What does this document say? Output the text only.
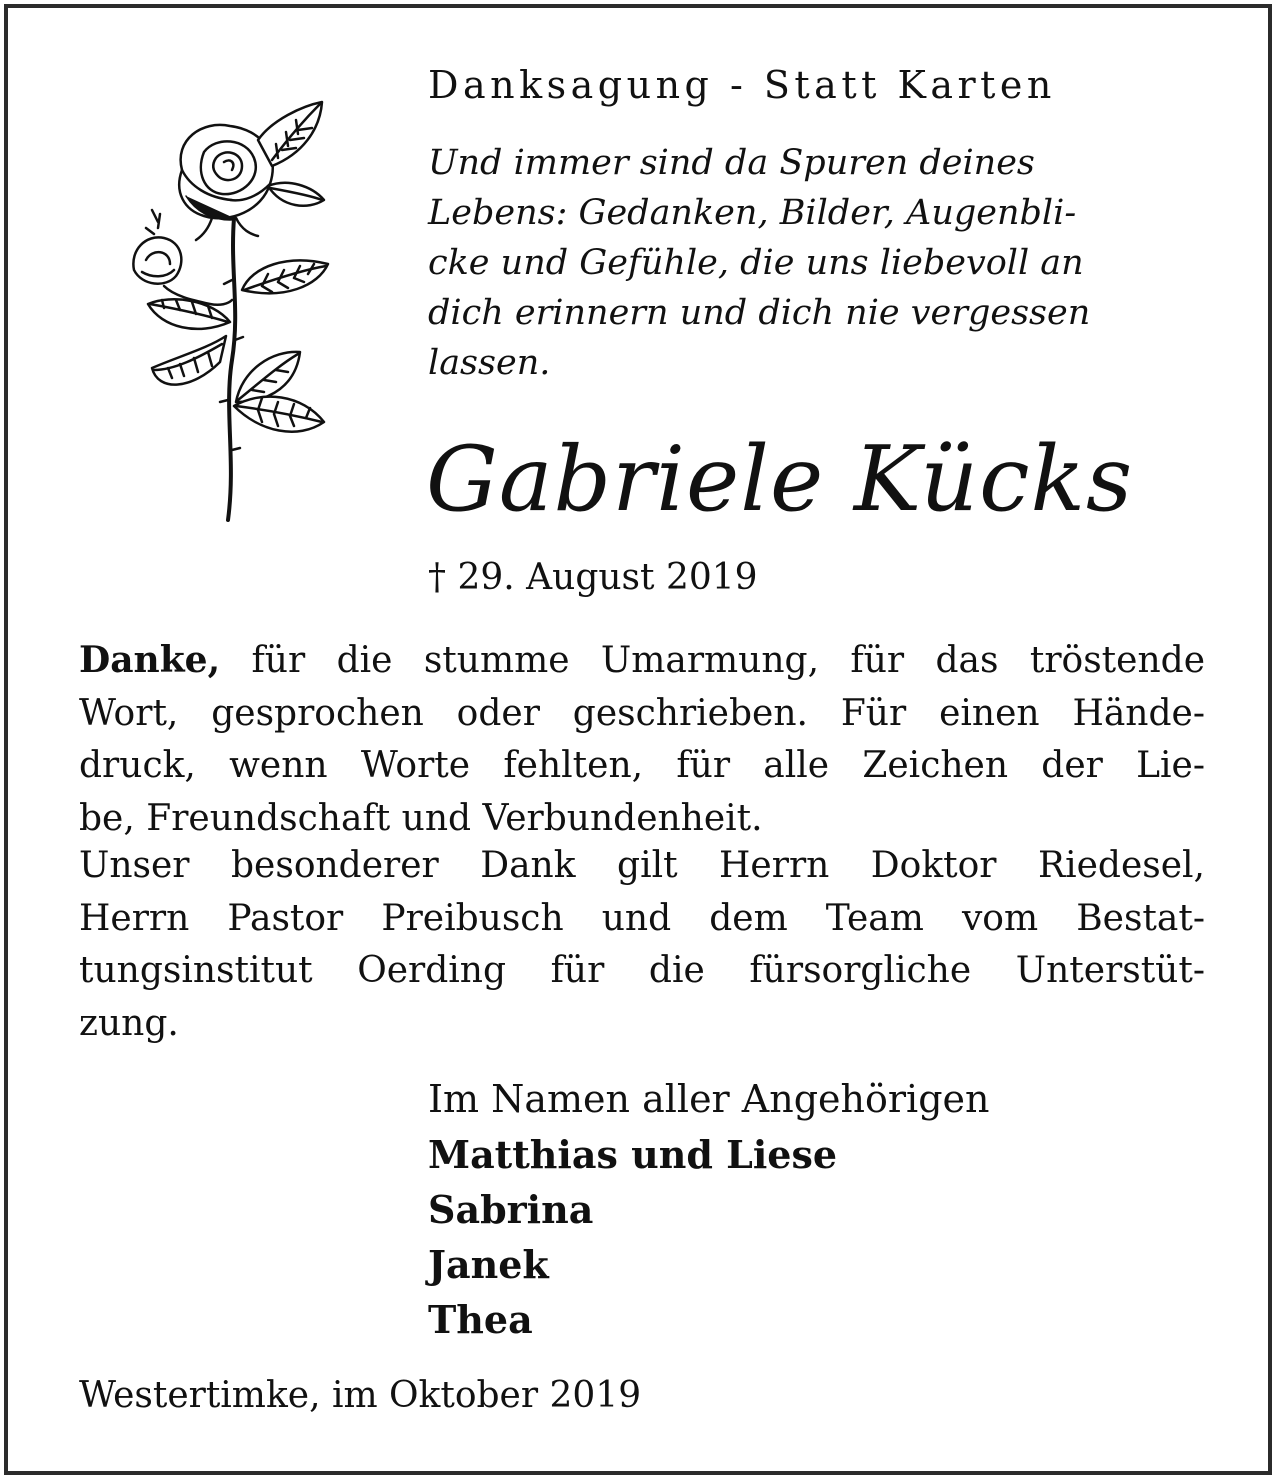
Danksagung - Statt Karten

Und immer sind da Spuren deines
Lebens: Gedanken, Bilder, Augenbli-
cke und Gefühle, die uns liebevoll an
dich erinnern und dich nie vergessen
lassen.

Gabriele Kücks
† 29. August 2019

Danke, für die stumme Umarmung, für das tröstende
Wort, gesprochen oder geschrieben. Für einen Hände-
druck, wenn Worte fehlten, für alle Zeichen der Lie-
be, Freundschaft und Verbundenheit.

Unser besonderer Dank gilt Herrn Doktor Riedesel,
Herrn Pastor Preibusch und dem Team vom Bestat-
tungsinstitut Oerding für die fürsorgliche Unterstüt-
zung.

Im Namen aller Angehörigen
Matthias und Liese
Sabrina
Janek
Thea
Westertimke, im Oktober 2019
